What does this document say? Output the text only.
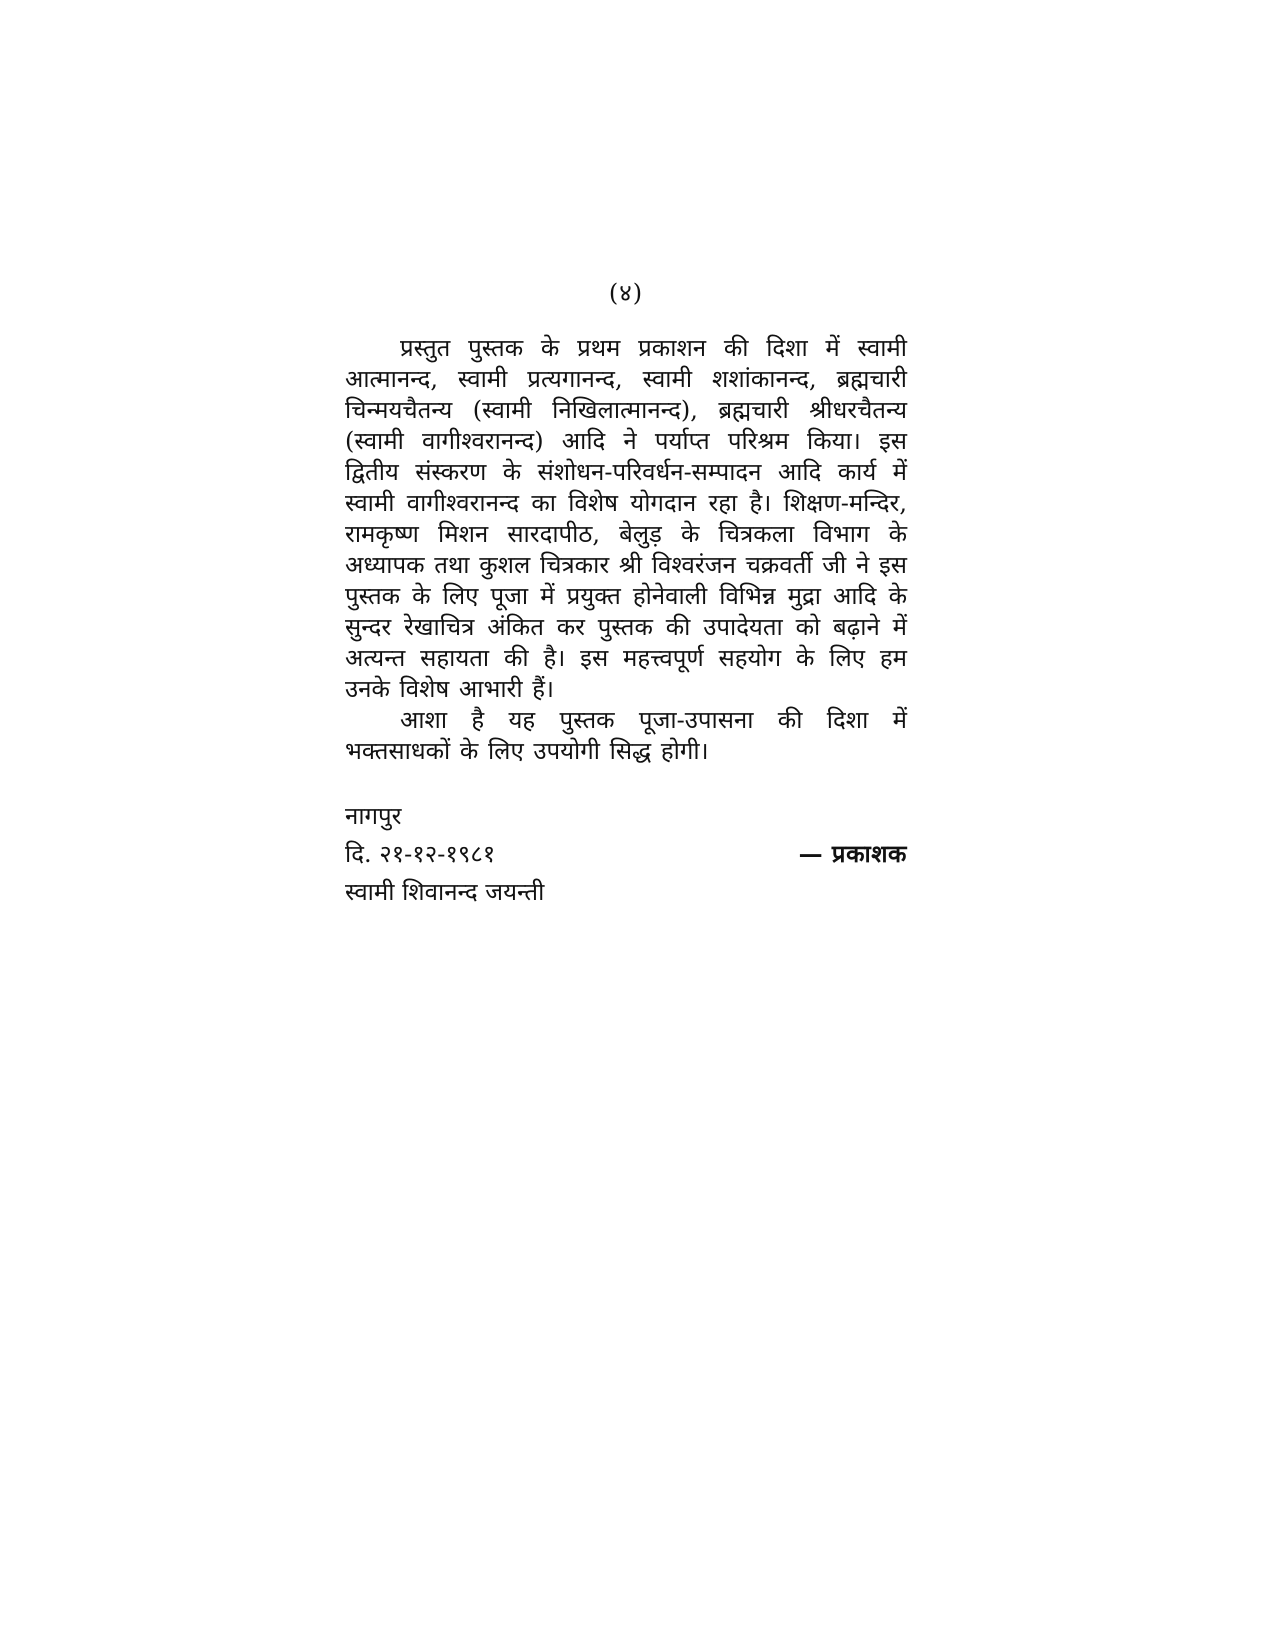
(४)

प्रस्तुत पुस्तक के प्रथम प्रकाशन की दिशा में स्वामी आत्मानन्द, स्वामी प्रत्यगानन्द, स्वामी शशांकानन्द, ब्रह्मचारी चिन्मयचैतन्य (स्वामी निखिलात्मानन्द), ब्रह्मचारी श्रीधरचैतन्य (स्वामी वागीश्वरानन्द) आदि ने पर्याप्त परिश्रम किया। इस द्वितीय संस्करण के संशोधन-परिवर्धन-सम्पादन आदि कार्य में स्वामी वागीश्वरानन्द का विशेष योगदान रहा है। शिक्षण-मन्दिर, रामकृष्ण मिशन सारदापीठ, बेलुड़ के चित्रकला विभाग के अध्यापक तथा कुशल चित्रकार श्री विश्वरंजन चक्रवर्ती जी ने इस पुस्तक के लिए पूजा में प्रयुक्त होनेवाली विभिन्न मुद्रा आदि के सुन्दर रेखाचित्र अंकित कर पुस्तक की उपादेयता को बढ़ाने में अत्यन्त सहायता की है। इस महत्त्वपूर्ण सहयोग के लिए हम उनके विशेष आभारी हैं।

आशा है यह पुस्तक पूजा-उपासना की दिशा में भक्तसाधकों के लिए उपयोगी सिद्ध होगी।

नागपुर
दि. २१-१२-१९८१	— प्रकाशक
स्वामी शिवानन्द जयन्ती
